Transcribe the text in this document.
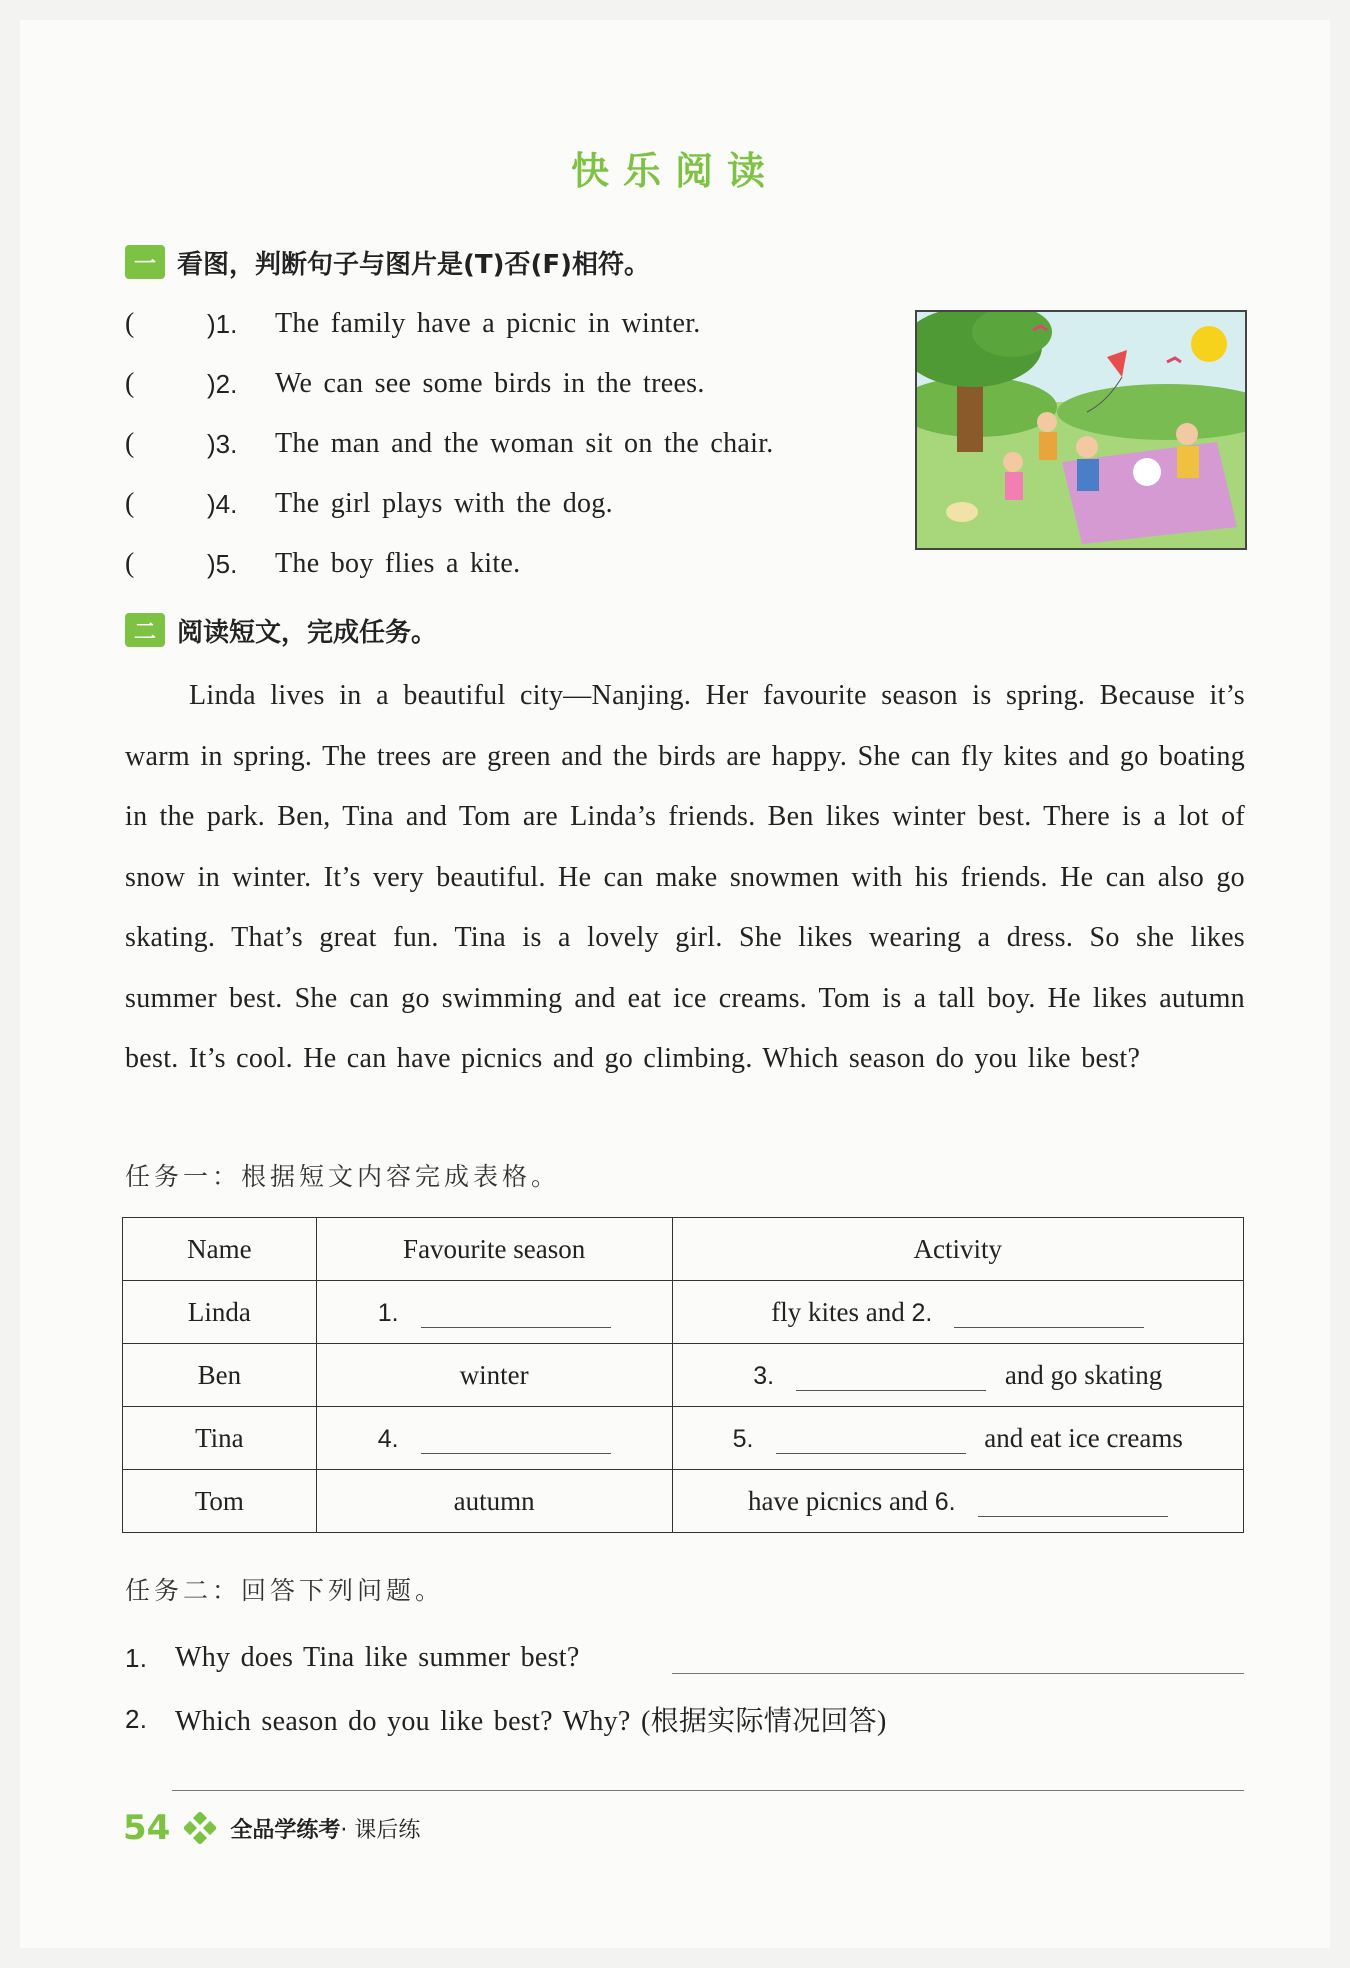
快乐阅读
一 看图，判断句子与图片是(T)否(F)相符。
(	)1.	The family have a picnic in winter.
(	)2.	We can see some birds in the trees.
(	)3.	The man and the woman sit on the chair.
(	)4.	The girl plays with the dog.
(	)5.	The boy flies a kite.
二 阅读短文，完成任务。

Linda lives in a beautiful city—Nanjing. Her favourite season is spring. Because it’s warm in spring. The trees are green and the birds are happy. She can fly kites and go boating in the park. Ben, Tina and Tom are Linda’s friends. Ben likes winter best. There is a lot of snow in winter. It’s very beautiful. He can make snowmen with his friends. He can also go skating. That’s great fun. Tina is a lovely girl. She likes wearing a dress. So she likes summer best. She can go swimming and eat ice creams. Tom is a tall boy. He likes autumn best. It’s cool. He can have picnics and go climbing. Which season do you like best?

任务一：根据短文内容完成表格。
Name	Favourite season	Activity
Linda	1.	fly kites and 2.
Ben	winter	3. and go skating
Tina	4.	5. and eat ice creams
Tom	autumn	have picnics and 6.
任务二：回答下列问题。
1. Why does Tina like summer best?
2. Which season do you like best? Why? (根据实际情况回答)
54	全品学练考 · 课后练
